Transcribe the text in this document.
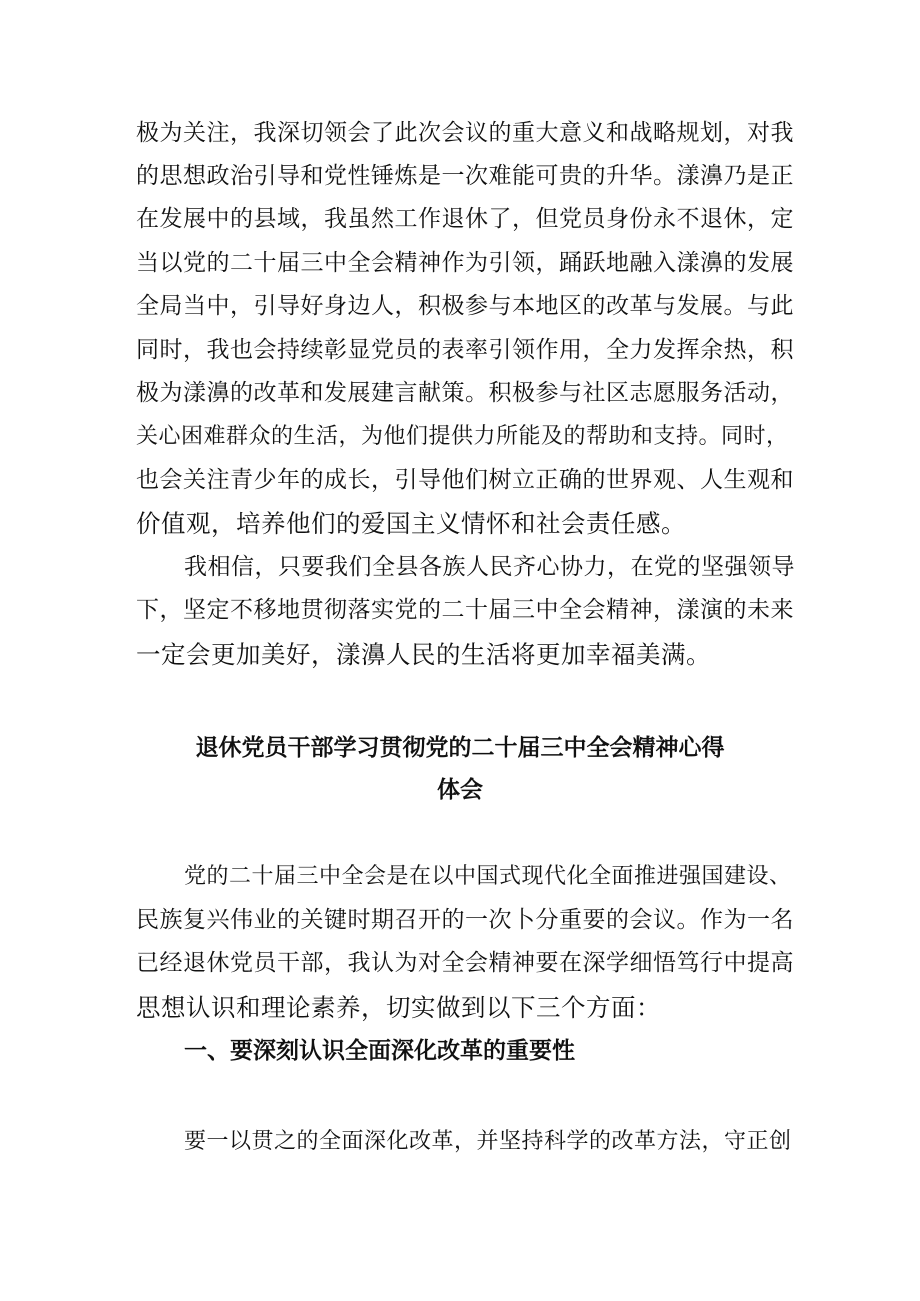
极为关注，我深切领会了此次会议的重大意义和战略规划，对我
的思想政治引导和党性锤炼是一次难能可贵的升华。漾濞乃是正
在发展中的县域，我虽然工作退休了，但党员身份永不退休，定
当以党的二十届三中全会精神作为引领，踊跃地融入漾濞的发展
全局当中，引导好身边人，积极参与本地区的改革与发展。与此
同时，我也会持续彰显党员的表率引领作用，全力发挥余热，积
极为漾濞的改革和发展建言献策。积极参与社区志愿服务活动，
关心困难群众的生活，为他们提供力所能及的帮助和支持。同时，
也会关注青少年的成长，引导他们树立正确的世界观、人生观和
价值观，培养他们的爱国主义情怀和社会责任感。
我相信，只要我们全县各族人民齐心协力，在党的坚强领导
下，坚定不移地贯彻落实党的二十届三中全会精神，漾演的未来
一定会更加美好，漾濞人民的生活将更加幸福美满。
退休党员干部学习贯彻党的二十届三中全会精神心得
体会
党的二十届三中全会是在以中国式现代化全面推进强国建设、
民族复兴伟业的关键时期召开的一次卜分重要的会议。作为一名
已经退休党员干部，我认为对全会精神要在深学细悟笃行中提高
思想认识和理论素养，切实做到以下三个方面：
一、要深刻认识全面深化改革的重要性
要一以贯之的全面深化改革，并坚持科学的改革方法，守正创
